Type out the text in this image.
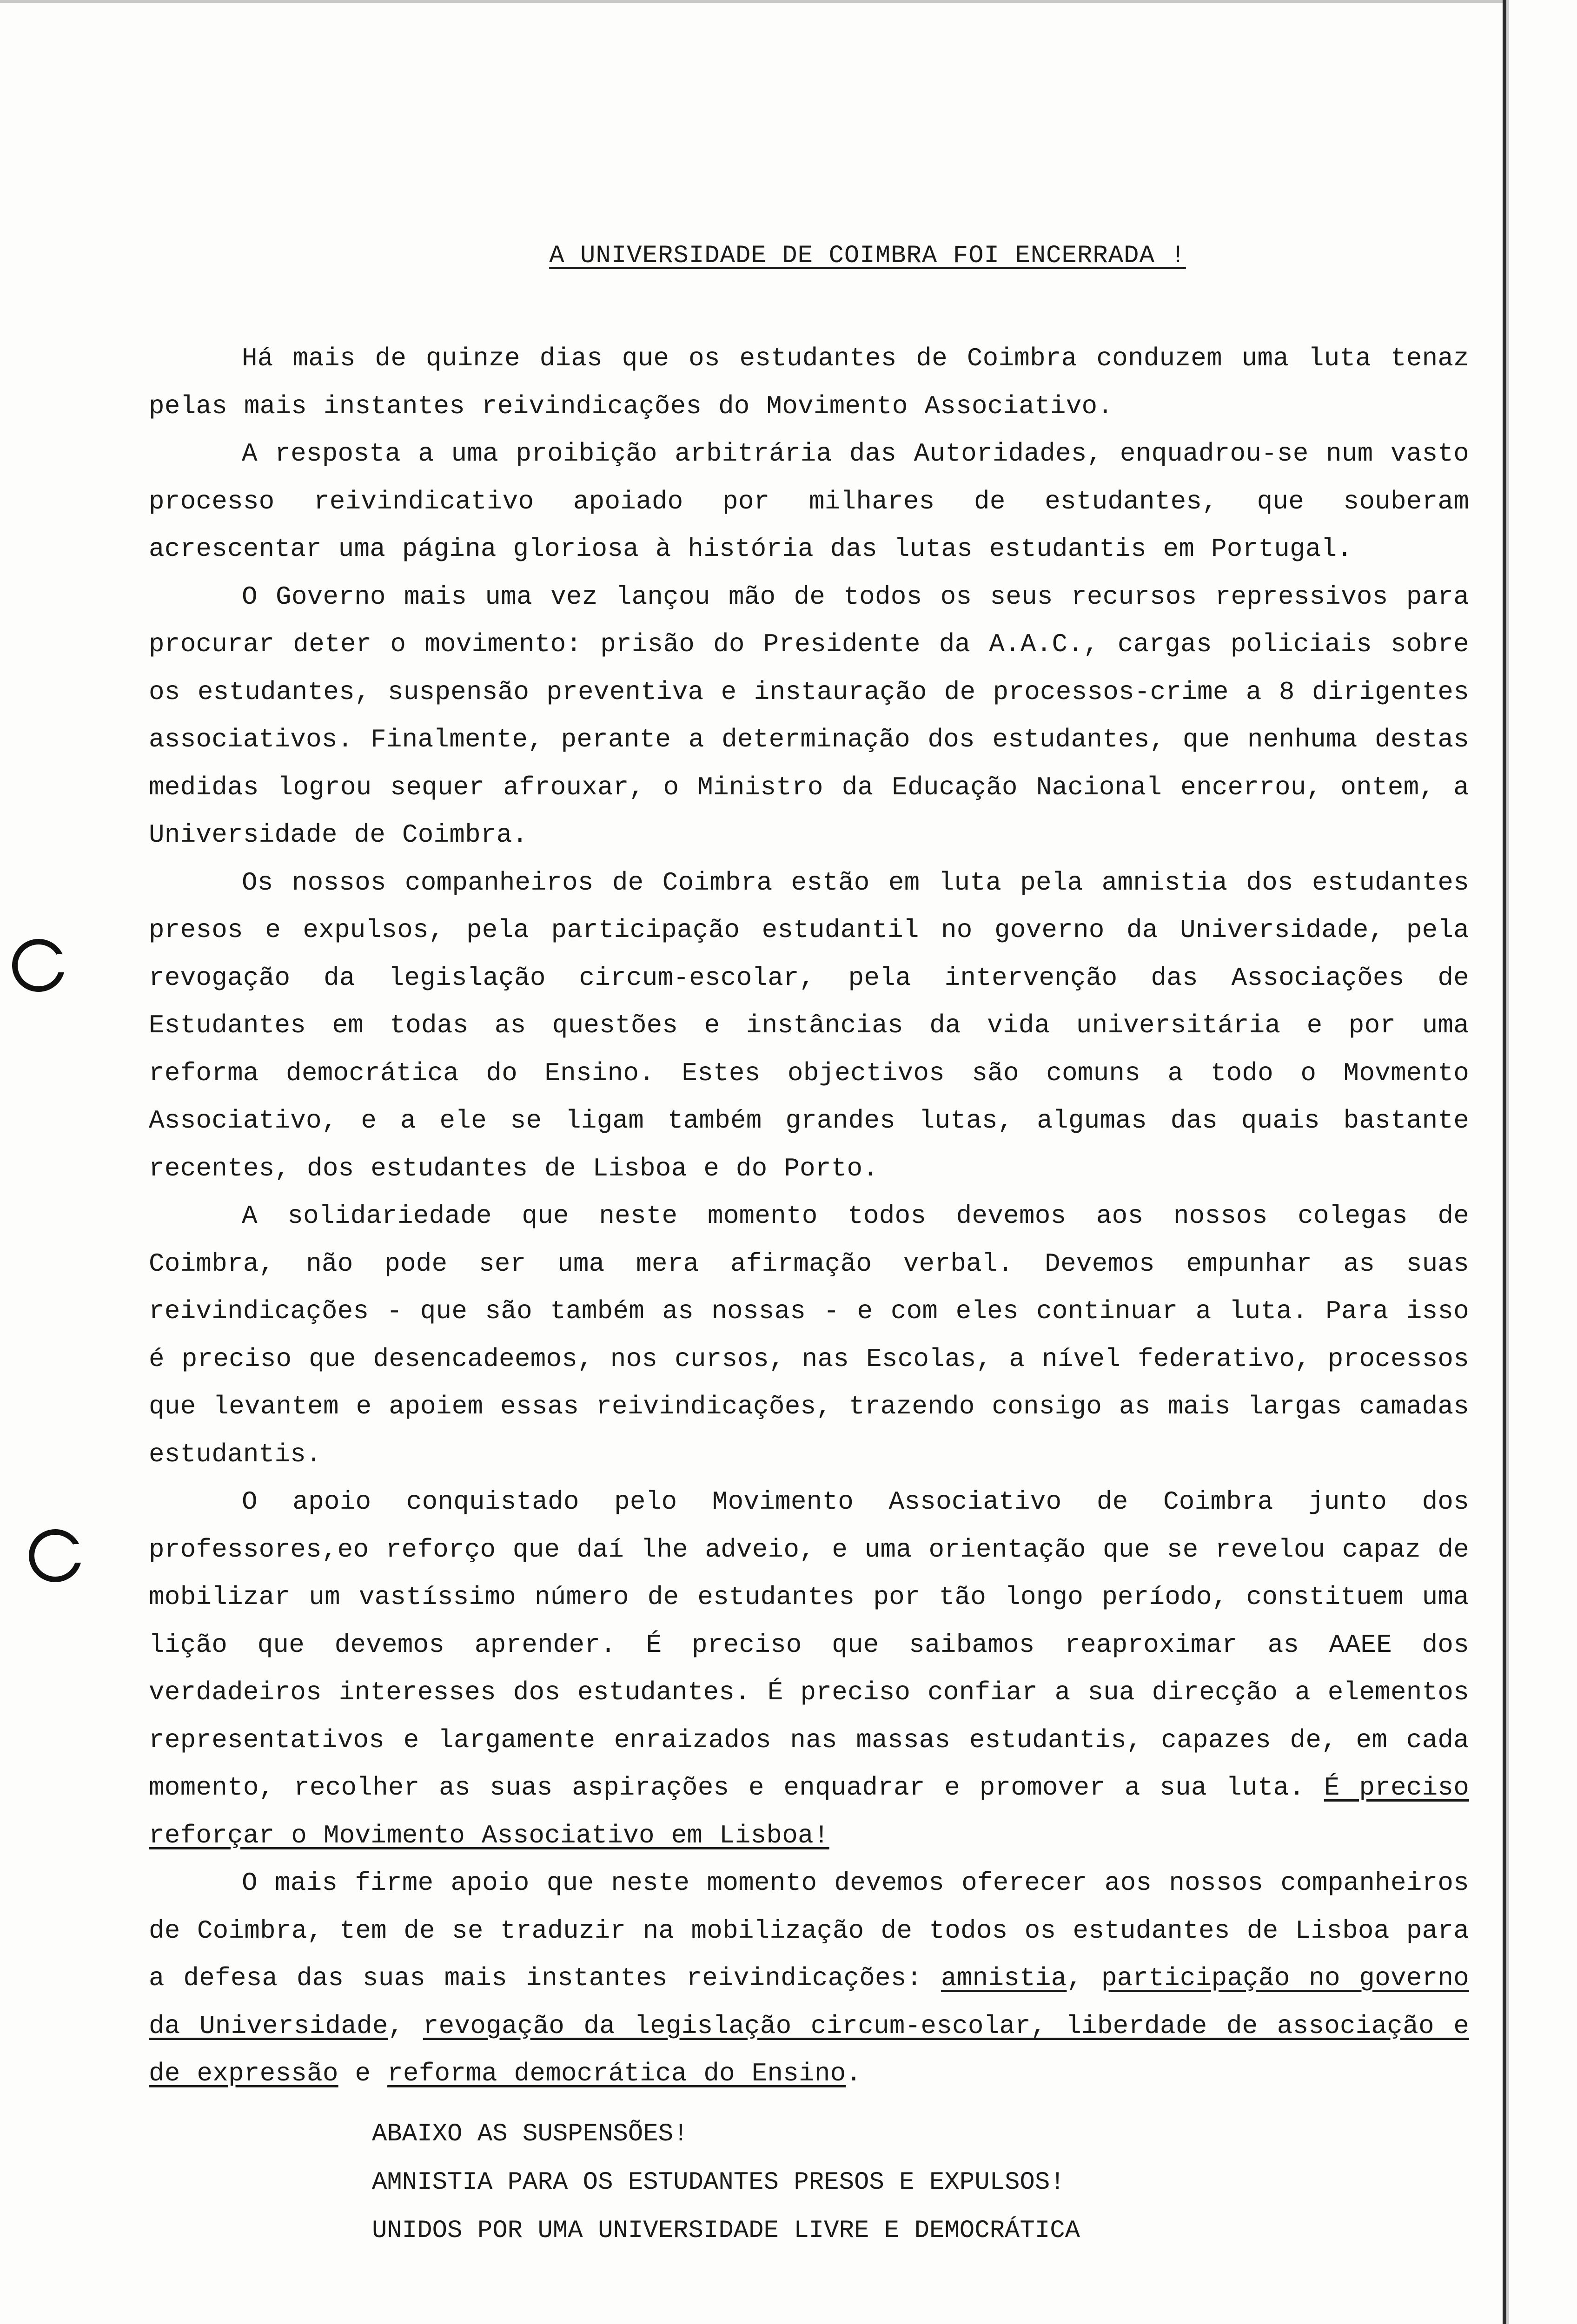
A UNIVERSIDADE DE COIMBRA FOI ENCERRADA !

Há mais de quinze dias que os estudantes de Coimbra conduzem uma luta tenaz pelas mais instantes reivindicações do Movimento Associativo.

A resposta a uma proibição arbitrária das Autoridades, enquadrou-se num vasto processo reivindicativo apoiado por milhares de estudantes, que souberam acrescentar uma página gloriosa à história das lutas estudantis em Portugal.

O Governo mais uma vez lançou mão de todos os seus recursos repressivos para procurar deter o movimento: prisão do Presidente da A.A.C., cargas policiais sobre os estudantes, suspensão preventiva e instauração de processos-crime a 8 dirigentes associativos. Finalmente, perante a determinação dos estudantes, que nenhuma destas medidas logrou sequer afrouxar, o Ministro da Educação Nacional encerrou, ontem, a Universidade de Coimbra.

Os nossos companheiros de Coimbra estão em luta pela amnistia dos estudantes presos e expulsos, pela participação estudantil no governo da Universidade, pela revogação da legislação circum-escolar, pela intervenção das Associações de Estudantes em todas as questões e instâncias da vida universitária e por uma reforma democrática do Ensino. Estes objectivos são comuns a todo o Movmento Associativo, e a ele se ligam também grandes lutas, algumas das quais bastante recentes, dos estudantes de Lisboa e do Porto.

A solidariedade que neste momento todos devemos aos nossos colegas de Coimbra, não pode ser uma mera afirmação verbal. Devemos empunhar as suas reivindicações - que são também as nossas - e com eles continuar a luta. Para isso é preciso que desencadeemos, nos cursos, nas Escolas, a nível federativo, processos que levantem e apoiem essas reivindicações, trazendo consigo as mais largas camadas estudantis.

O apoio conquistado pelo Movimento Associativo de Coimbra junto dos professores,eo reforço que daí lhe adveio, e uma orientação que se revelou capaz de mobilizar um vastíssimo número de estudantes por tão longo período, constituem uma lição que devemos aprender. É preciso que saibamos reaproximar as AAEE dos verdadeiros interesses dos estudantes. É preciso confiar a sua direcção a elementos representativos e largamente enraizados nas massas estudantis, capazes de, em cada momento, recolher as suas aspirações e enquadrar e promover a sua luta. É preciso reforçar o Movimento Associativo em Lisboa!

O mais firme apoio que neste momento devemos oferecer aos nossos companheiros de Coimbra, tem de se traduzir na mobilização de todos os estudantes de Lisboa para a defesa das suas mais instantes reivindicações: amnistia, participação no governo da Universidade, revogação da legislação circum-escolar, liberdade de associação e de expressão e reforma democrática do Ensino.

ABAIXO AS SUSPENSÕES!
AMNISTIA PARA OS ESTUDANTES PRESOS E EXPULSOS!
UNIDOS POR UMA UNIVERSIDADE LIVRE E DEMOCRÁTICA
